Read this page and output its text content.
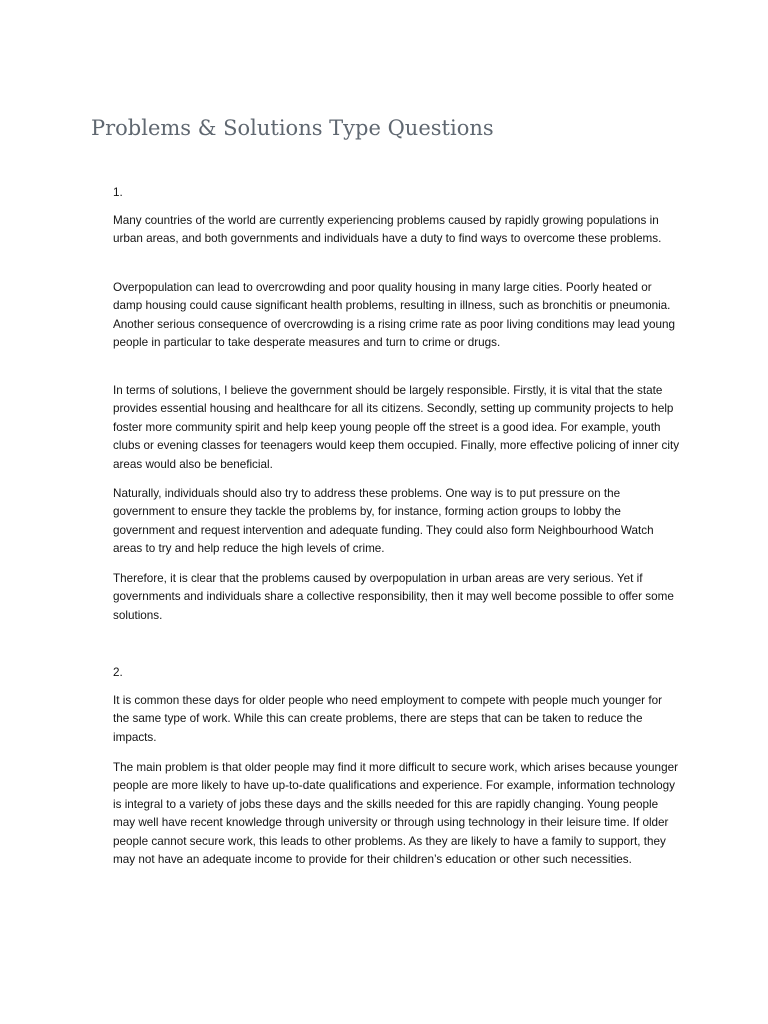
Problems & Solutions Type Questions

1.

Many countries of the world are currently experiencing problems caused by rapidly growing populations in urban areas, and both governments and individuals have a duty to find ways to overcome these problems.

Overpopulation can lead to overcrowding and poor quality housing in many large cities. Poorly heated or damp housing could cause significant health problems, resulting in illness, such as bronchitis or pneumonia. Another serious consequence of overcrowding is a rising crime rate as poor living conditions may lead young people in particular to take desperate measures and turn to crime or drugs.

In terms of solutions, I believe the government should be largely responsible. Firstly, it is vital that the state provides essential housing and healthcare for all its citizens. Secondly, setting up community projects to help foster more community spirit and help keep young people off the street is a good idea. For example, youth clubs or evening classes for teenagers would keep them occupied. Finally, more effective policing of inner city areas would also be beneficial.

Naturally, individuals should also try to address these problems. One way is to put pressure on the government to ensure they tackle the problems by, for instance, forming action groups to lobby the government and request intervention and adequate funding. They could also form Neighbourhood Watch areas to try and help reduce the high levels of crime.

Therefore, it is clear that the problems caused by overpopulation in urban areas are very serious. Yet if governments and individuals share a collective responsibility, then it may well become possible to offer some solutions.

2.

It is common these days for older people who need employment to compete with people much younger for the same type of work. While this can create problems, there are steps that can be taken to reduce the impacts.

The main problem is that older people may find it more difficult to secure work, which arises because younger people are more likely to have up-to-date qualifications and experience. For example, information technology is integral to a variety of jobs these days and the skills needed for this are rapidly changing. Young people may well have recent knowledge through university or through using technology in their leisure time. If older people cannot secure work, this leads to other problems. As they are likely to have a family to support, they may not have an adequate income to provide for their children’s education or other such necessities.
